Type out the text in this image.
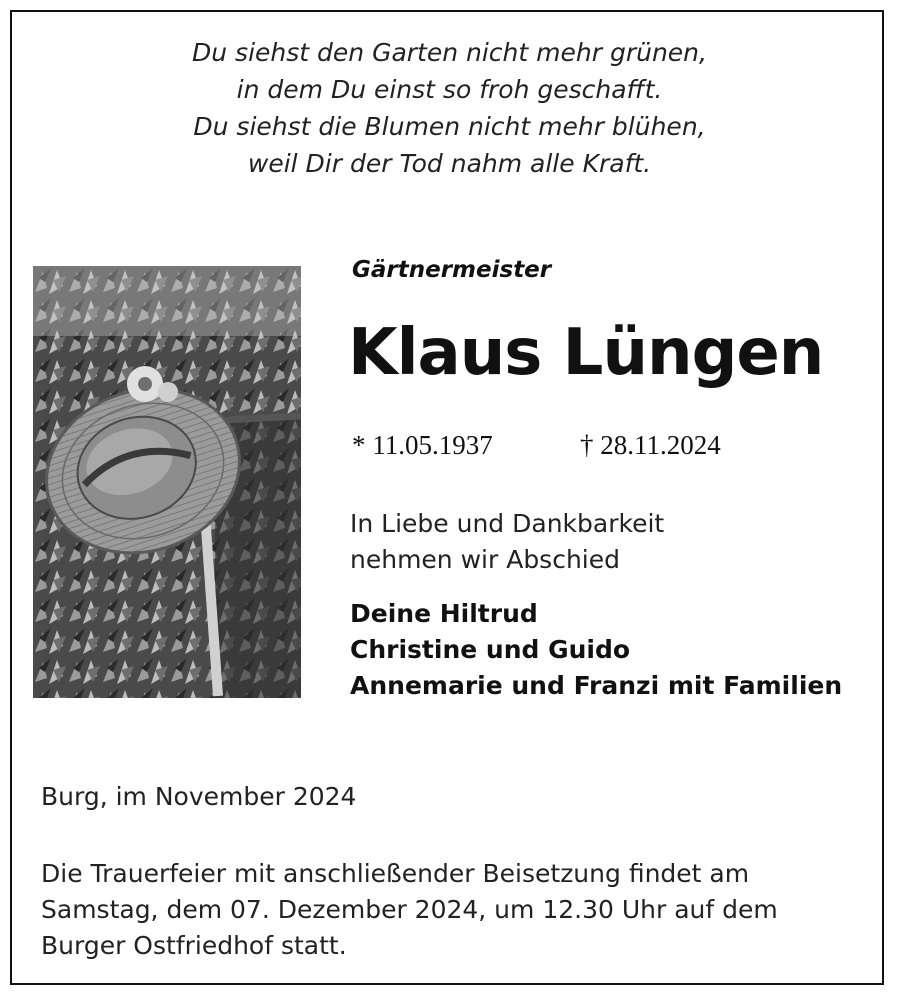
Du siehst den Garten nicht mehr grünen,
in dem Du einst so froh geschafft.
Du siehst die Blumen nicht mehr blühen,
weil Dir der Tod nahm alle Kraft.
Gärtnermeister
Klaus Lüngen
* 11.05.1937	† 28.11.2024
In Liebe und Dankbarkeit
nehmen wir Abschied
Deine Hiltrud
Christine und Guido
Annemarie und Franzi mit Familien
Burg, im November 2024
Die Trauerfeier mit anschließender Beisetzung findet am
Samstag, dem 07. Dezember 2024, um 12.30 Uhr auf dem
Burger Ostfriedhof statt.
